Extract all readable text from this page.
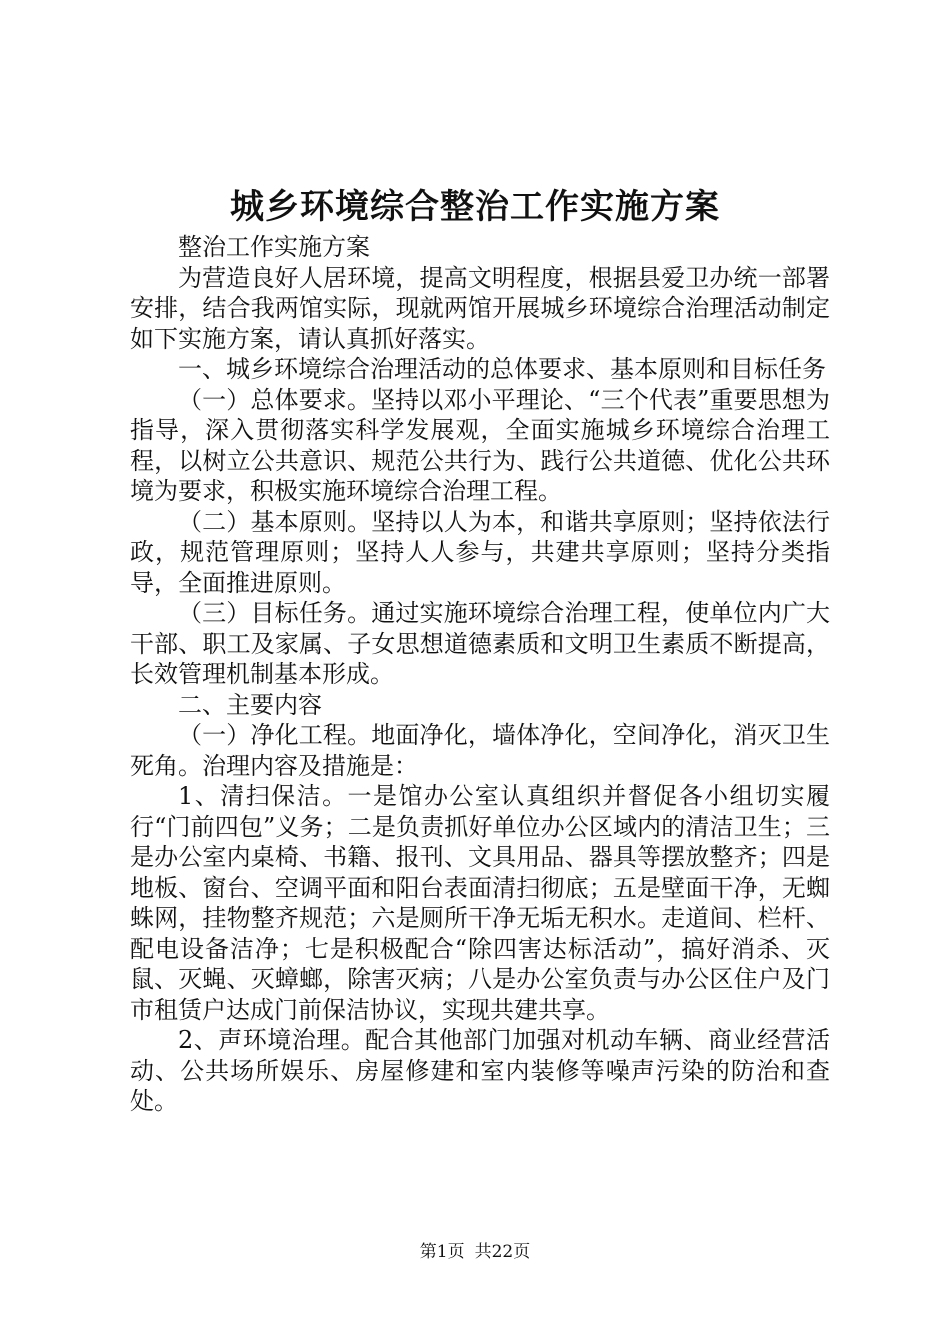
城乡环境综合整治工作实施方案

整治工作实施方案

为营造良好人居环境，提高文明程度，根据县爱卫办统一部署安排，结合我两馆实际，现就两馆开展城乡环境综合治理活动制定如下实施方案，请认真抓好落实。

一、城乡环境综合治理活动的总体要求、基本原则和目标任务

（一）总体要求。坚持以邓小平理论、“三个代表”重要思想为指导，深入贯彻落实科学发展观，全面实施城乡环境综合治理工程，以树立公共意识、规范公共行为、践行公共道德、优化公共环境为要求，积极实施环境综合治理工程。

（二）基本原则。坚持以人为本，和谐共享原则；坚持依法行政，规范管理原则；坚持人人参与，共建共享原则；坚持分类指导，全面推进原则。

（三）目标任务。通过实施环境综合治理工程，使单位内广大干部、职工及家属、子女思想道德素质和文明卫生素质不断提高，长效管理机制基本形成。

二、主要内容

（一）净化工程。地面净化，墙体净化，空间净化，消灭卫生死角。治理内容及措施是：

1、清扫保洁。一是馆办公室认真组织并督促各小组切实履行“门前四包”义务；二是负责抓好单位办公区域内的清洁卫生；三是办公室内桌椅、书籍、报刊、文具用品、器具等摆放整齐；四是地板、窗台、空调平面和阳台表面清扫彻底；五是壁面干净，无蜘蛛网，挂物整齐规范；六是厕所干净无垢无积水。走道间、栏杆、配电设备洁净；七是积极配合“除四害达标活动”，搞好消杀、灭鼠、灭蝇、灭蟑螂，除害灭病；八是办公室负责与办公区住户及门市租赁户达成门前保洁协议，实现共建共享。

2、声环境治理。配合其他部门加强对机动车辆、商业经营活动、公共场所娱乐、房屋修建和室内装修等噪声污染的防治和查处。

第1页 共22页
